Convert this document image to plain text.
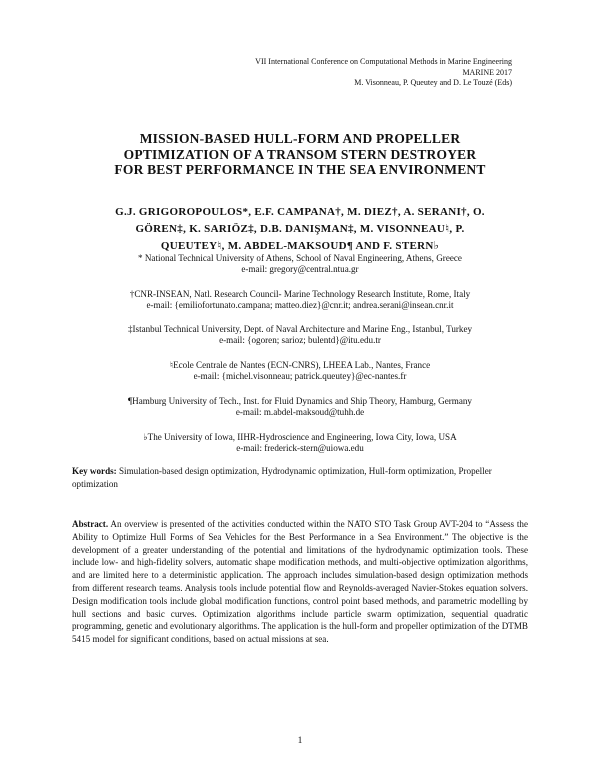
VII International Conference on Computational Methods in Marine Engineering
MARINE 2017
M. Visonneau, P. Queutey and D. Le Touzé (Eds)
MISSION-BASED HULL-FORM AND PROPELLER
OPTIMIZATION OF A TRANSOM STERN DESTROYER
FOR BEST PERFORMANCE IN THE SEA ENVIRONMENT
G.J. GRIGOROPOULOS*, E.F. CAMPANA†, M. DIEZ†, A. SERANI†, O.
GÖREN‡, K. SARIÖZ‡, D.B. DANIŞMAN‡, M. VISONNEAU♮, P.
QUEUTEY♮, M. ABDEL-MAKSOUD¶ AND F. STERN♭
* National Technical University of Athens, School of Naval Engineering, Athens, Greece
e-mail: gregory@central.ntua.gr
†CNR-INSEAN, Natl. Research Council- Marine Technology Research Institute, Rome, Italy
e-mail: {emiliofortunato.campana; matteo.diez}@cnr.it; andrea.serani@insean.cnr.it
‡Istanbul Technical University, Dept. of Naval Architecture and Marine Eng., Istanbul, Turkey
e-mail: {ogoren; sarioz; bulentd}@itu.edu.tr
♮Ecole Centrale de Nantes (ECN-CNRS), LHEEA Lab., Nantes, France
e-mail: {michel.visonneau; patrick.queutey}@ec-nantes.fr
¶Hamburg University of Tech., Inst. for Fluid Dynamics and Ship Theory, Hamburg, Germany
e-mail: m.abdel-maksoud@tuhh.de
♭The University of Iowa, IIHR-Hydroscience and Engineering, Iowa City, Iowa, USA
e-mail: frederick-stern@uiowa.edu
Key words: Simulation-based design optimization, Hydrodynamic optimization, Hull-form optimization, Propeller optimization
Abstract. An overview is presented of the activities conducted within the NATO STO Task Group AVT-204 to “Assess the Ability to Optimize Hull Forms of Sea Vehicles for the Best Performance in a Sea Environment.” The objective is the development of a greater understanding of the potential and limitations of the hydrodynamic optimization tools. These include low- and high-fidelity solvers, automatic shape modification methods, and multi-objective optimization algorithms, and are limited here to a deterministic application. The approach includes simulation-based design optimization methods from different research teams. Analysis tools include potential flow and Reynolds-averaged Navier-Stokes equation solvers. Design modification tools include global modification functions, control point based methods, and parametric modelling by hull sections and basic curves. Optimization algorithms include particle swarm optimization, sequential quadratic programming, genetic and evolutionary algorithms. The application is the hull-form and propeller optimization of the DTMB 5415 model for significant conditions, based on actual missions at sea.
1
